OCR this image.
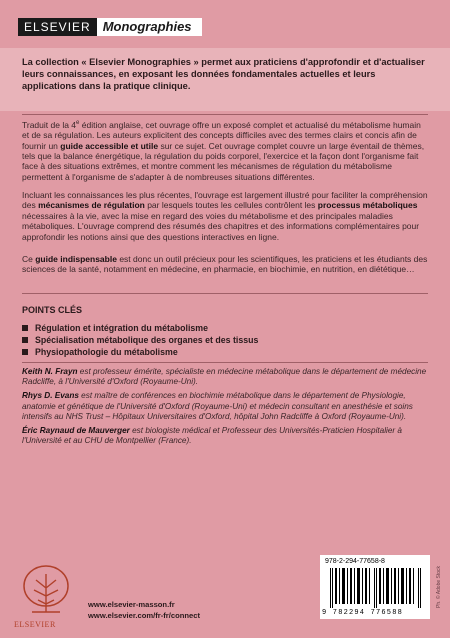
ELSEVIER Monographies

La collection « Elsevier Monographies » permet aux praticiens d'approfondir et d'actualiser leurs connaissances, en exposant les données fondamentales actuelles et leurs applications dans la pratique clinique.

Traduit de la 4e édition anglaise, cet ouvrage offre un exposé complet et actualisé du métabolisme humain et de sa régulation. Les auteurs explicitent des concepts difficiles avec des termes clairs et concis afin de fournir un guide accessible et utile sur ce sujet. Cet ouvrage complet couvre un large éventail de thèmes, tels que la balance énergétique, la régulation du poids corporel, l'exercice et la façon dont l'organisme fait face à des situations extrêmes, et montre comment les mécanismes de régulation du métabolisme permettent à l'organisme de s'adapter à de nombreuses situations différentes.

Incluant les connaissances les plus récentes, l'ouvrage est largement illustré pour faciliter la compréhension des mécanismes de régulation par lesquels toutes les cellules contrôlent les processus métaboliques nécessaires à la vie, avec la mise en regard des voies du métabolisme et des principales maladies métaboliques. L'ouvrage comprend des résumés des chapitres et des informations complémentaires pour approfondir les notions ainsi que des questions interactives en ligne.

Ce guide indispensable est donc un outil précieux pour les scientifiques, les praticiens et les étudiants des sciences de la santé, notamment en médecine, en pharmacie, en biochimie, en nutrition, en diététique…

POINTS CLÉS

Régulation et intégration du métabolisme
Spécialisation métabolique des organes et des tissus
Physiopathologie du métabolisme

Keith N. Frayn est professeur émérite, spécialiste en médecine métabolique dans le département de médecine Radcliffe, à l'Université d'Oxford (Royaume-Uni).

Rhys D. Evans est maître de conférences en biochimie métabolique dans le département de Physiologie, anatomie et génétique de l'Université d'Oxford (Royaume-Uni) et médecin consultant en anesthésie et soins intensifs au NHS Trust – Hôpitaux Universitaires d'Oxford, hôpital John Radcliffe à Oxford (Royaume-Uni).

Éric Raynaud de Mauverger est biologiste médical et Professeur des Universités-Praticien Hospitalier à l'Université et au CHU de Montpellier (France).

ELSEVIER
www.elsevier-masson.fr
www.elsevier.com/fr-fr/connect
978-2-294-77658-8
9 782294 776588
Ph. © Adobe Stock
